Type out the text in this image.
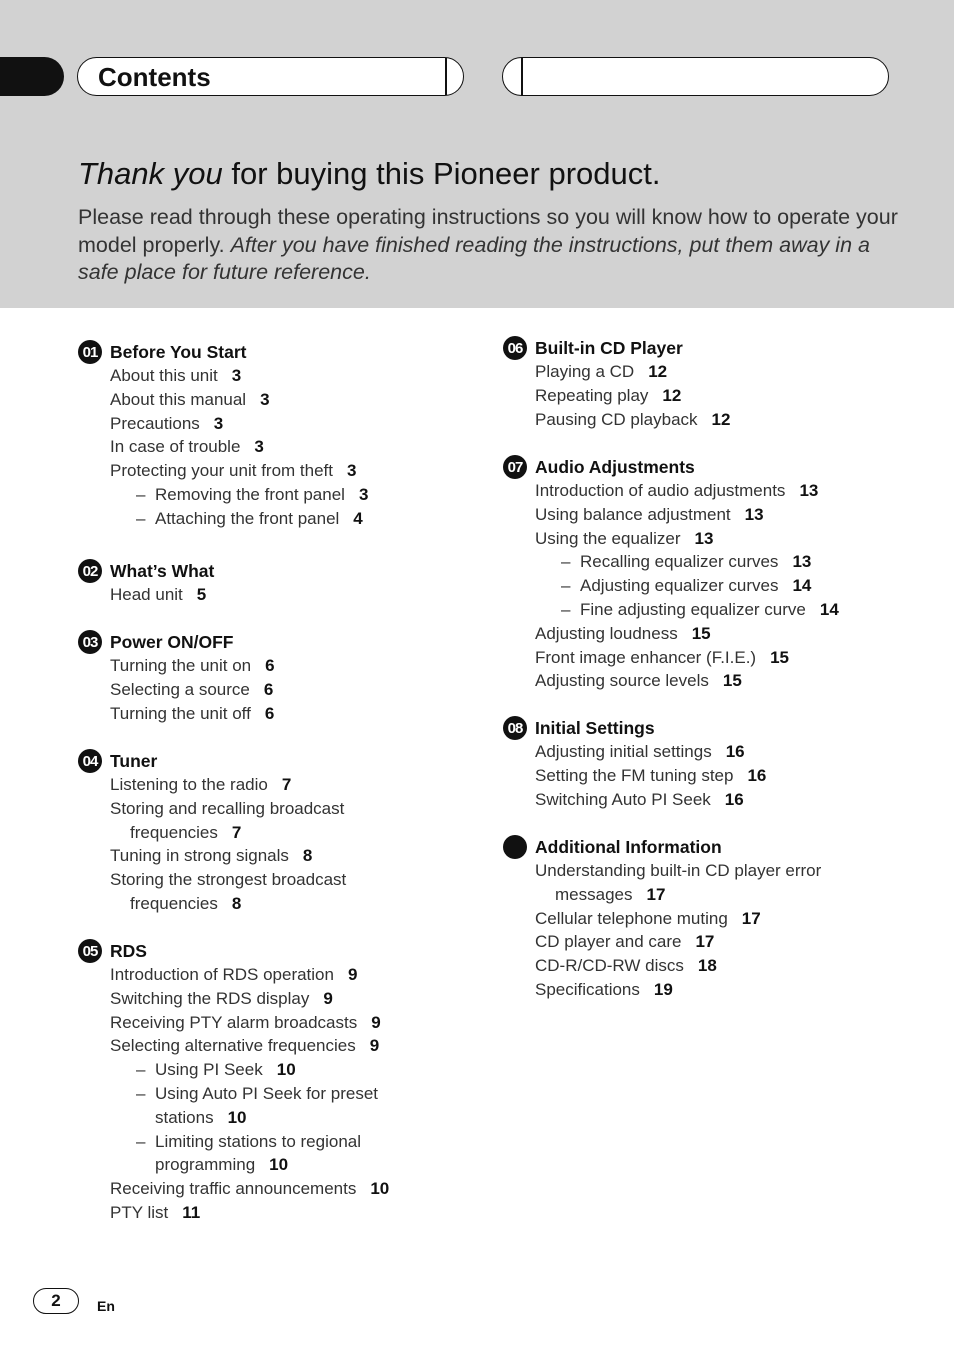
Contents
Thank you for buying this Pioneer product.

Please read through these operating instructions so you will know how to operate your model properly. After you have finished reading the instructions, put them away in a safe place for future reference.

01 Before You Start
About this unit 3
About this manual 3
Precautions 3
In case of trouble 3
Protecting your unit from theft 3
– Removing the front panel 3
– Attaching the front panel 4
02 What’s What
Head unit 5
03 Power ON/OFF
Turning the unit on 6
Selecting a source 6
Turning the unit off 6
04 Tuner
Listening to the radio 7
Storing and recalling broadcast
frequencies 7
Tuning in strong signals 8
Storing the strongest broadcast
frequencies 8
05 RDS
Introduction of RDS operation 9
Switching the RDS display 9
Receiving PTY alarm broadcasts 9
Selecting alternative frequencies 9
– Using PI Seek 10
– Using Auto PI Seek for preset
stations 10
– Limiting stations to regional
programming 10
Receiving traffic announcements 10
PTY list 11
06 Built-in CD Player
Playing a CD 12
Repeating play 12
Pausing CD playback 12
07 Audio Adjustments
Introduction of audio adjustments 13
Using balance adjustment 13
Using the equalizer 13
– Recalling equalizer curves 13
– Adjusting equalizer curves 14
– Fine adjusting equalizer curve 14
Adjusting loudness 15
Front image enhancer (F.I.E.) 15
Adjusting source levels 15
08 Initial Settings
Adjusting initial settings 16
Setting the FM tuning step 16
Switching Auto PI Seek 16
Additional Information
Understanding built-in CD player error
messages 17
Cellular telephone muting 17
CD player and care 17
CD-R/CD-RW discs 18
Specifications 19
2	En
